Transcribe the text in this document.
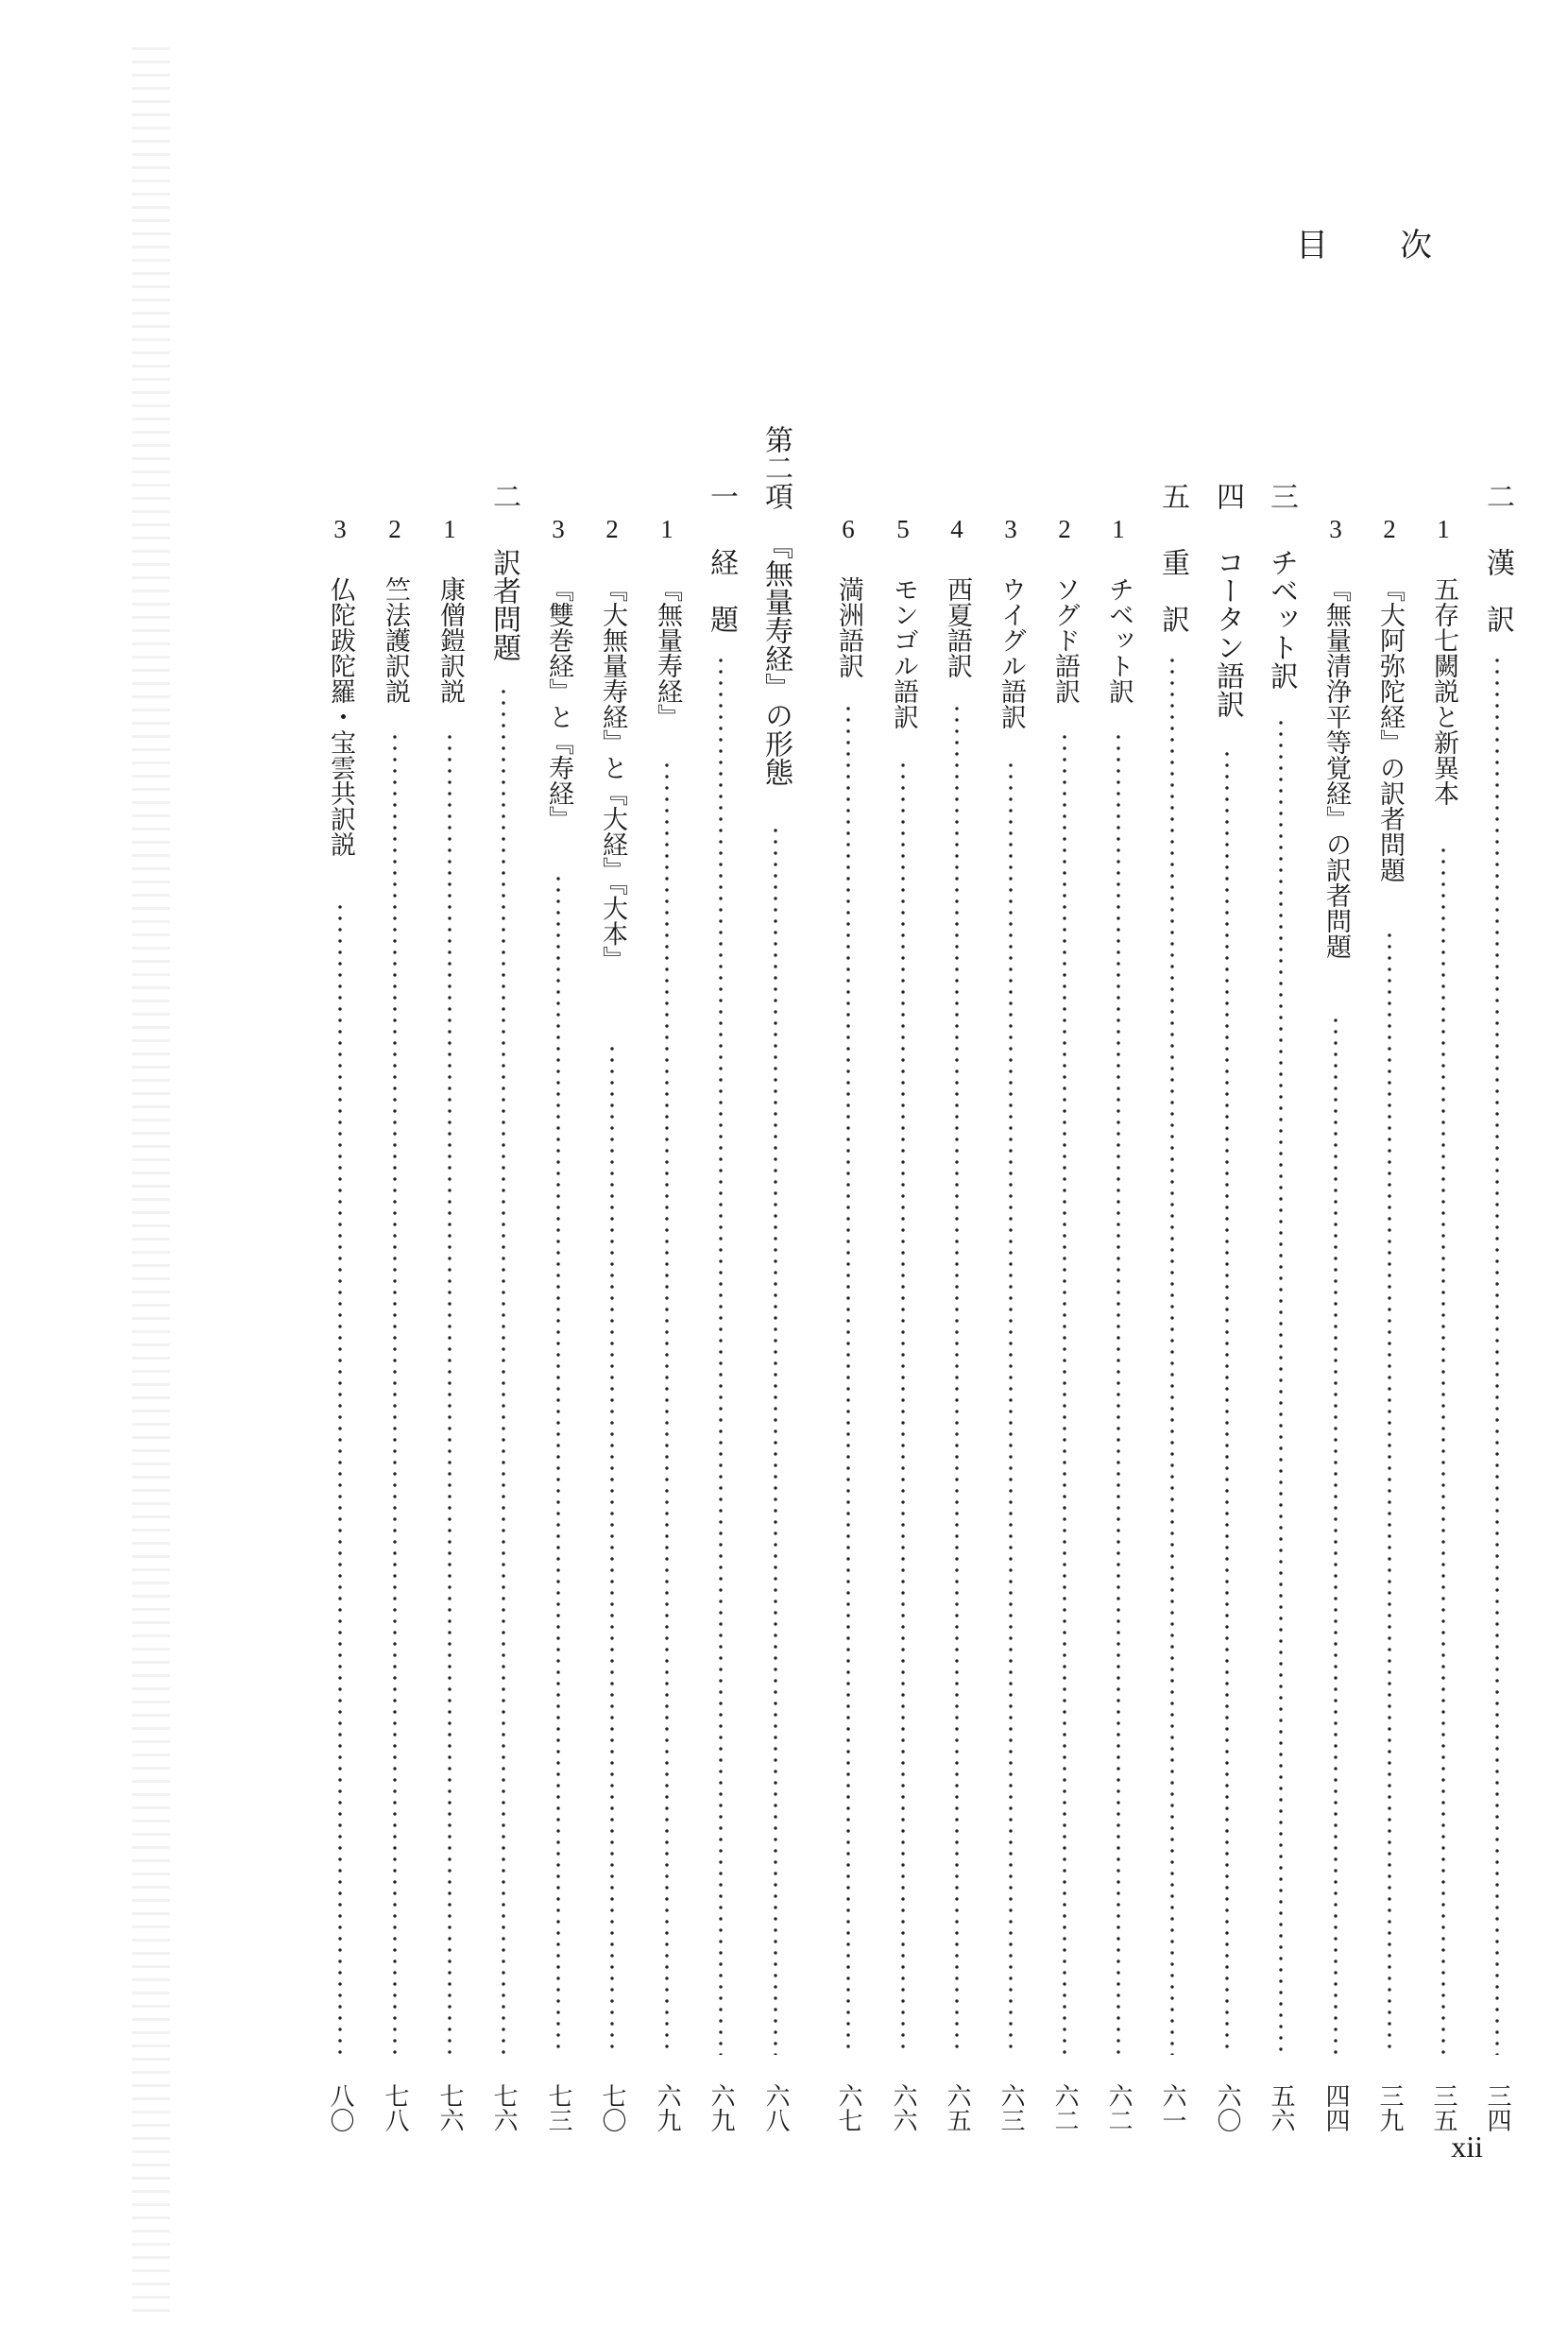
目 次
二
漢　訳
三四
1
五存七闕説と新異本
三五
2
『大阿弥陀経』の訳者問題
三九
3
『無量清浄平等覚経』の訳者問題
四四
三
チベット訳
五六
四
コータン語訳
六〇
五
重　訳
六一
1
チベット訳
六二
2
ソグド語訳
六二
3
ウイグル語訳
六三
4
西夏語訳
六五
5
モンゴル語訳
六六
6
満洲語訳
六七
第二項
『無量寿経』の形態
六八
一
経　題
六九
1
『無量寿経』
六九
2
『大無量寿経』と『大経』『大本』
七〇
3
『雙巻経』と『寿経』
七三
二
訳者問題
七六
1
康僧鎧訳説
七六
2
竺法護訳説
七八
3
仏陀跋陀羅・宝雲共訳説
八〇
xii
